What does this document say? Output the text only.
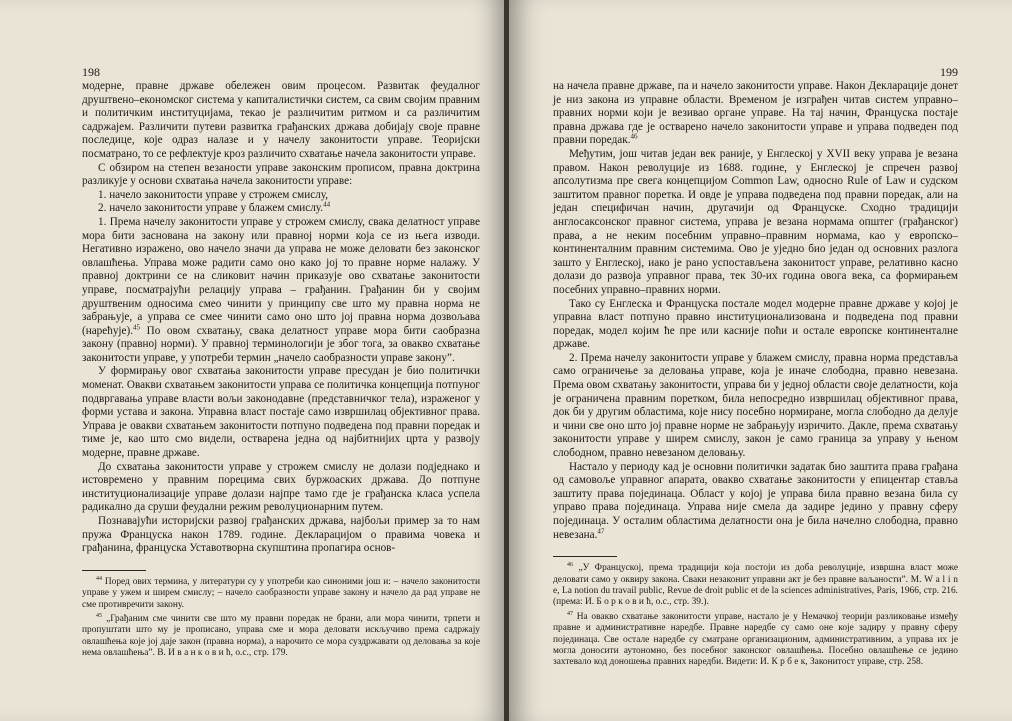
198

модерне, правне државе обележен овим процесом. Развитак феудалног друштвено–економског система у капиталистички систем, са свим својим правним и политичким институцијама, текао је различитим ритмом и са различитим садржајем. Различити путеви развитка грађанских држава добијају своје правне последице, које одраз налазе и у начелу законитости управе. Теоријски посматрано, то се рефлектује кроз различито схватање начела законитости управе.

С обзиром на степен везаности управе законским прописом, правна доктрина разликује у основи схватања начела законитости управе:

1. начело законитости управе у строжем смислу,

2. начело законитости управе у блажем смислу.$^{44}$

1. Према начелу законитости управе у строжем смислу, свака делатност управе мора бити заснована на закону или правној норми која се из њега изводи. Негативно изражено, ово начело значи да управа не може деловати без законског овлашћења. Управа може радити само оно како јој то правне норме налажу. У правној доктрини се на сликовит начин приказује ово схватање законитости управе, посматрајући релацију управа – грађанин. Грађанин би у својим друштвеним односима смео чинити у принципу све што му правна норма не забрањује, а управа се смее чинити само оно што јој правна норма дозвољава (нарећује).$^{45}$ По овом схватању, свака делатност управе мора бити саобразна закону (правној норми). У правној терминологији је због тога, за овакво схватање законитости управе, у употреби термин „начело саобразности управе закону”.

У формирању овог схватања законитости управе пресудан је био политички моменат. Овакви схватањем законитости управа се политичка концепција потпуног подвргавања управе власти вољи законодавне (представничког тела), израженог у форми устава и закона. Управна власт постаје само извршилац објективног права. Управа је овакви схватањем законитости потпуно подведена под правни поредак и тиме је, као што смо видели, остварена једна од најбитнијих црта у развоју модерне, правне државе.

До схватања законитости управе у строжем смислу не долази подједнако и истовремено у правним порецима свих буржоаских држава. До потпуне институционализације управе долази најпре тамо где је грађанска класа успела радикално да сруши феудални режим револуционарним путем.

Познавајући историјски развој грађанских држава, најбољи пример за то нам пружа Француска након 1789. године. Декларацијом о правима човека и грађанина, француска Уставотворна скупштина пропагира основ-

$^{44}$ Поред ових термина, у литератури су у употреби као синоними још и: – начело законитости управе у ужем и ширем смислу; – начело саобразности управе закону и начело да рад управе не сме противречити закону.

$^{45}$ „Грађаним сме чинити све што му правни поредак не брани, али мора чинити, трпети и пропуштати што му је прописано, управа сме и мора деловати искључиво према садржају овлашћења које јој даје закон (правна норма), а нарочито се мора суздржавати од деловања за које нема овлашћења”. В. И в а н к о в и ћ, о.с., стр. 179.

199

на начела правне државе, па и начело законитости управе. Након Декларације донет је низ закона из управне области. Временом је изграђен читав систем управно–правних норми који је везивао органе управе. На тај начин, Француска постаје правна држава где је остварено начело законитости управе и управа подведен под правни поредак.$^{46}$

Међутим, још читав један век раније, у Енглеској у XVII веку управа је везана правом. Након револуције из 1688. године, у Енглеској је спречен развој апсолутизма пре свега концепцијом Common Law, односно Rule of Law и судском заштитом правног поретка. И овде је управа подведена под правни поредак, али на један специфичан начин, другачији од Француске. Сходно традицији англосаксонског правног система, управа је везана нормама општег (грађанског) права, а не неким посебним управно–правним нормама, као у европско–континенталним правним системима. Ово је уједно био један од основних разлога зашто у Енглеској, иако је рано успостављена законитост управе, релативно касно долази до развоја управног права, тек 30-их година овога века, са формирањем посебних управно–правних норми.

Тако су Енглеска и Француска постале модел модерне правне државе у којој је управна власт потпуно правно институционализована и подведена под правни поредак, модел којим ће пре или касније поћи и остале европске континенталне државе.

2. Према начелу законитости управе у блажем смислу, правна норма представља само ограничење за деловања управе, која је иначе слободна, правно невезана. Према овом схватању законитости, управа би у једној области своје делатности, која је ограничена правним поретком, била непосредно извршилац објективног права, док би у другим областима, које нису посебно нормиране, могла слободно да делује и чини све оно што јој правне норме не забрањују изричито. Дакле, према схватању законитости управе у ширем смислу, закон је само граница за управу у њеном слободном, правно невезаном деловању.

Настало у периоду кад је основни политички задатак био заштита права грађана од самовоље управног апарата, овакво схватање законитости у епицентар ставља заштиту права појединаца. Област у којој је управа била правно везана била су управо права појединаца. Управа није смела да задире једино у правну сферу појединаца. У осталим областима делатности она је била начелно слободна, правно невезана.$^{47}$

$^{46}$ „У Француској, према традицији која постоји из доба револуције, извршна власт може деловати само у оквиру закона. Сваки незаконит управни акт је без правне ваљаности”. M. W a l i n e, La notion du travail public, Revue de droit public et de la sciences administratives, Paris, 1966, стр. 216. (према: И. Б о р к о в и ћ, о.с., стр. 39.).

$^{47}$ На овакво схватање законитости управе, настало је у Немачкој теорији разликовање између правне и административне наредбе. Правне наредбе су само оне које задиру у правну сферу појединаца. Све остале наредбе су сматране организационим, административним, а управа их је могла доносити аутономно, без посебног законског овлашћења. Посебно овлашћење се једино захтевало код доношења правних наредби. Видети: И. К р б е к, Законитост управе, стр. 258.
